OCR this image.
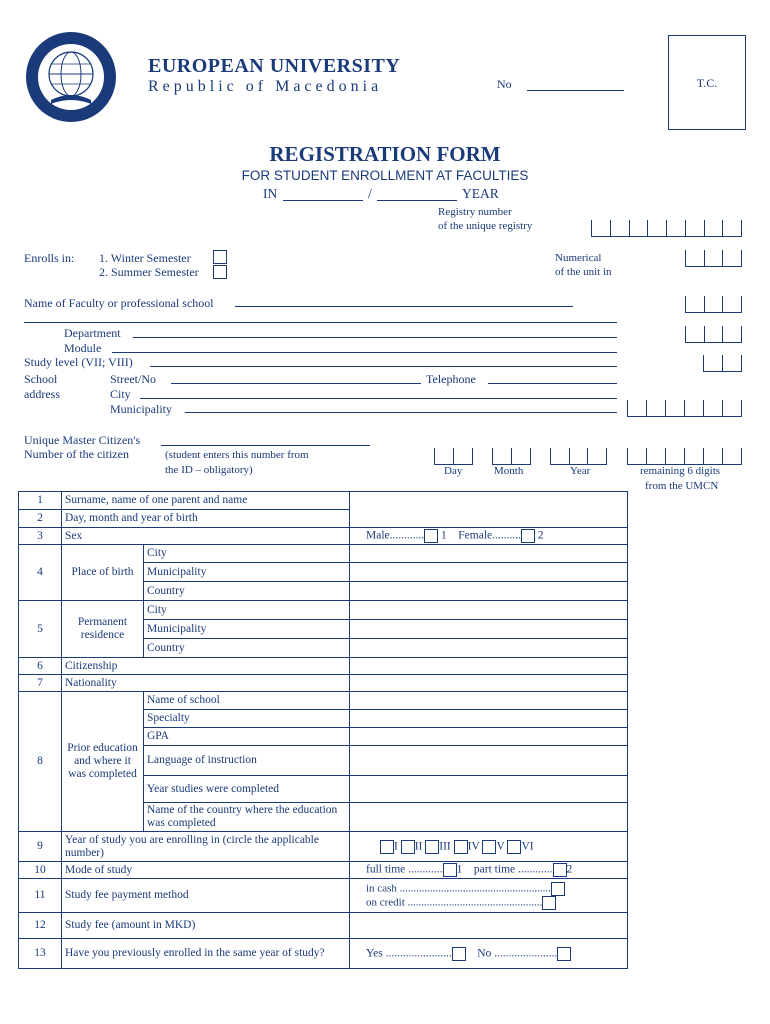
EUROPEAN UNIVERSITY
Republic of Macedonia	No	T.C.
REGISTRATION FORM
FOR STUDENT ENROLLMENT AT FACULTIES
IN	/	YEAR
Registry number
of the unique registry
Enrolls in: 1. Winter Semester
2. Summer Semester
Numerical
of the unit in
Name of Faculty or professional school
Department
Module
Study level (VII; VIII)
School
address
Street/No	Telephone
City
Municipality
Unique Master Citizen's
Number of the citizen	(student enters this number from
the ID – obligatory)	Day	Month	Year	remaining 6 digits
from the UMCN
1	Surname, name of one parent and name		
2	Day, month and year of birth		
3	Sex		Male............ 1 Female.......... 2
4	Place of birth	City	
		Municipality	
		Country	
5	Permanent residence	City	
		Municipality	
		Country	
6	Citizenship		
7	Nationality		
8	Prior education and where it was completed	Name of school	
		Specialty	
		GPA	
		Language of instruction	
		Year studies were completed	
		Name of the country where the education was completed	
9	Year of study you are enrolling in (circle the applicable number)		I II III IV V VI
10	Mode of study		full time ............ 1 part time ............ 2
11	Study fee payment method		in cash .......................................................
on credit .................................................

12	Study fee (amount in MKD)		
13	Have you previously enrolled in the same year of study?		Yes ....................... No ......................
